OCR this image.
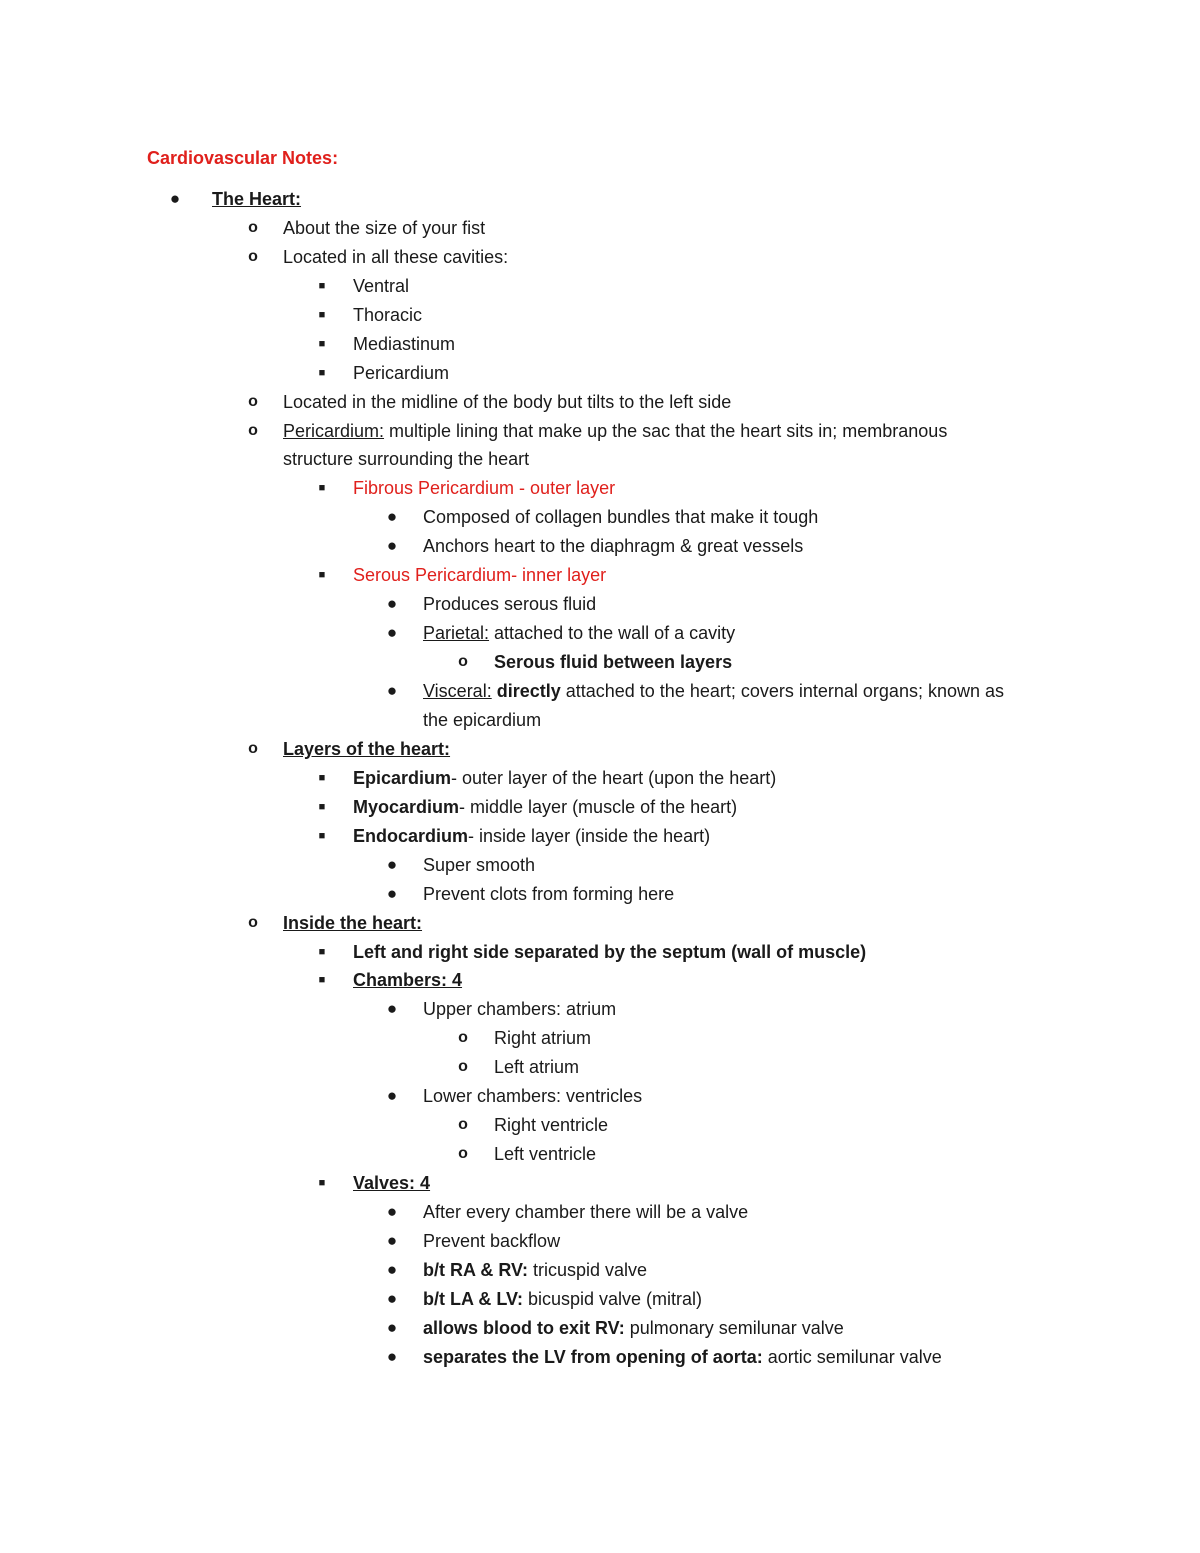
Cardiovascular Notes:
● The Heart:
o About the size of your fist
o Located in all these cavities:
■ Ventral
■ Thoracic
■ Mediastinum
■ Pericardium
o Located in the midline of the body but tilts to the left side
o Pericardium: multiple lining that make up the sac that the heart sits in; membranous
structure surrounding the heart
■ Fibrous Pericardium - outer layer
● Composed of collagen bundles that make it tough
● Anchors heart to the diaphragm & great vessels
■ Serous Pericardium- inner layer
● Produces serous fluid
● Parietal: attached to the wall of a cavity
o Serous fluid between layers
● Visceral: directly attached to the heart; covers internal organs; known as
the epicardium
o Layers of the heart:
■ Epicardium- outer layer of the heart (upon the heart)
■ Myocardium- middle layer (muscle of the heart)
■ Endocardium- inside layer (inside the heart)
● Super smooth
● Prevent clots from forming here
o Inside the heart:
■ Left and right side separated by the septum (wall of muscle)
■ Chambers: 4
● Upper chambers: atrium
o Right atrium
o Left atrium
● Lower chambers: ventricles
o Right ventricle
o Left ventricle
■ Valves: 4
● After every chamber there will be a valve
● Prevent backflow
● b/t RA & RV: tricuspid valve
● b/t LA & LV: bicuspid valve (mitral)
● allows blood to exit RV: pulmonary semilunar valve
● separates the LV from opening of aorta: aortic semilunar valve
